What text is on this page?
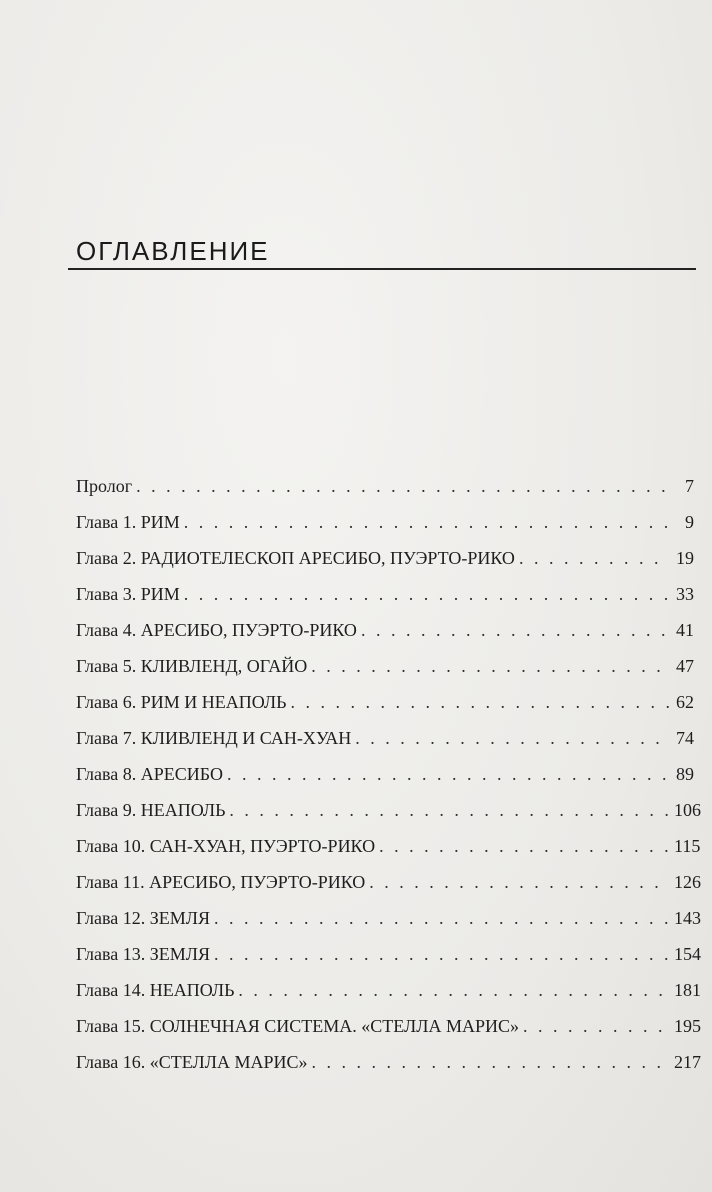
ОГЛАВЛЕНИЕ
Пролог . . .	7
Глава 1. РИМ . . .	9
Глава 2. РАДИОТЕЛЕСКОП АРЕСИБО, ПУЭРТО-РИКО . . .	19
Глава 3. РИМ . . .	33
Глава 4. АРЕСИБО, ПУЭРТО-РИКО . . .	41
Глава 5. КЛИВЛЕНД, ОГАЙО . . .	47
Глава 6. РИМ И НЕАПОЛЬ . . .	62
Глава 7. КЛИВЛЕНД И САН-ХУАН . . .	74
Глава 8. АРЕСИБО . . .	89
Глава 9. НЕАПОЛЬ . . .	106
Глава 10. САН-ХУАН, ПУЭРТО-РИКО . . .	115
Глава 11. АРЕСИБО, ПУЭРТО-РИКО . . .	126
Глава 12. ЗЕМЛЯ . . .	143
Глава 13. ЗЕМЛЯ . . .	154
Глава 14. НЕАПОЛЬ . . .	181
Глава 15. СОЛНЕЧНАЯ СИСТЕМА. «СТЕЛЛА МАРИС» . . .	195
Глава 16. «СТЕЛЛА МАРИС» . . .	217
